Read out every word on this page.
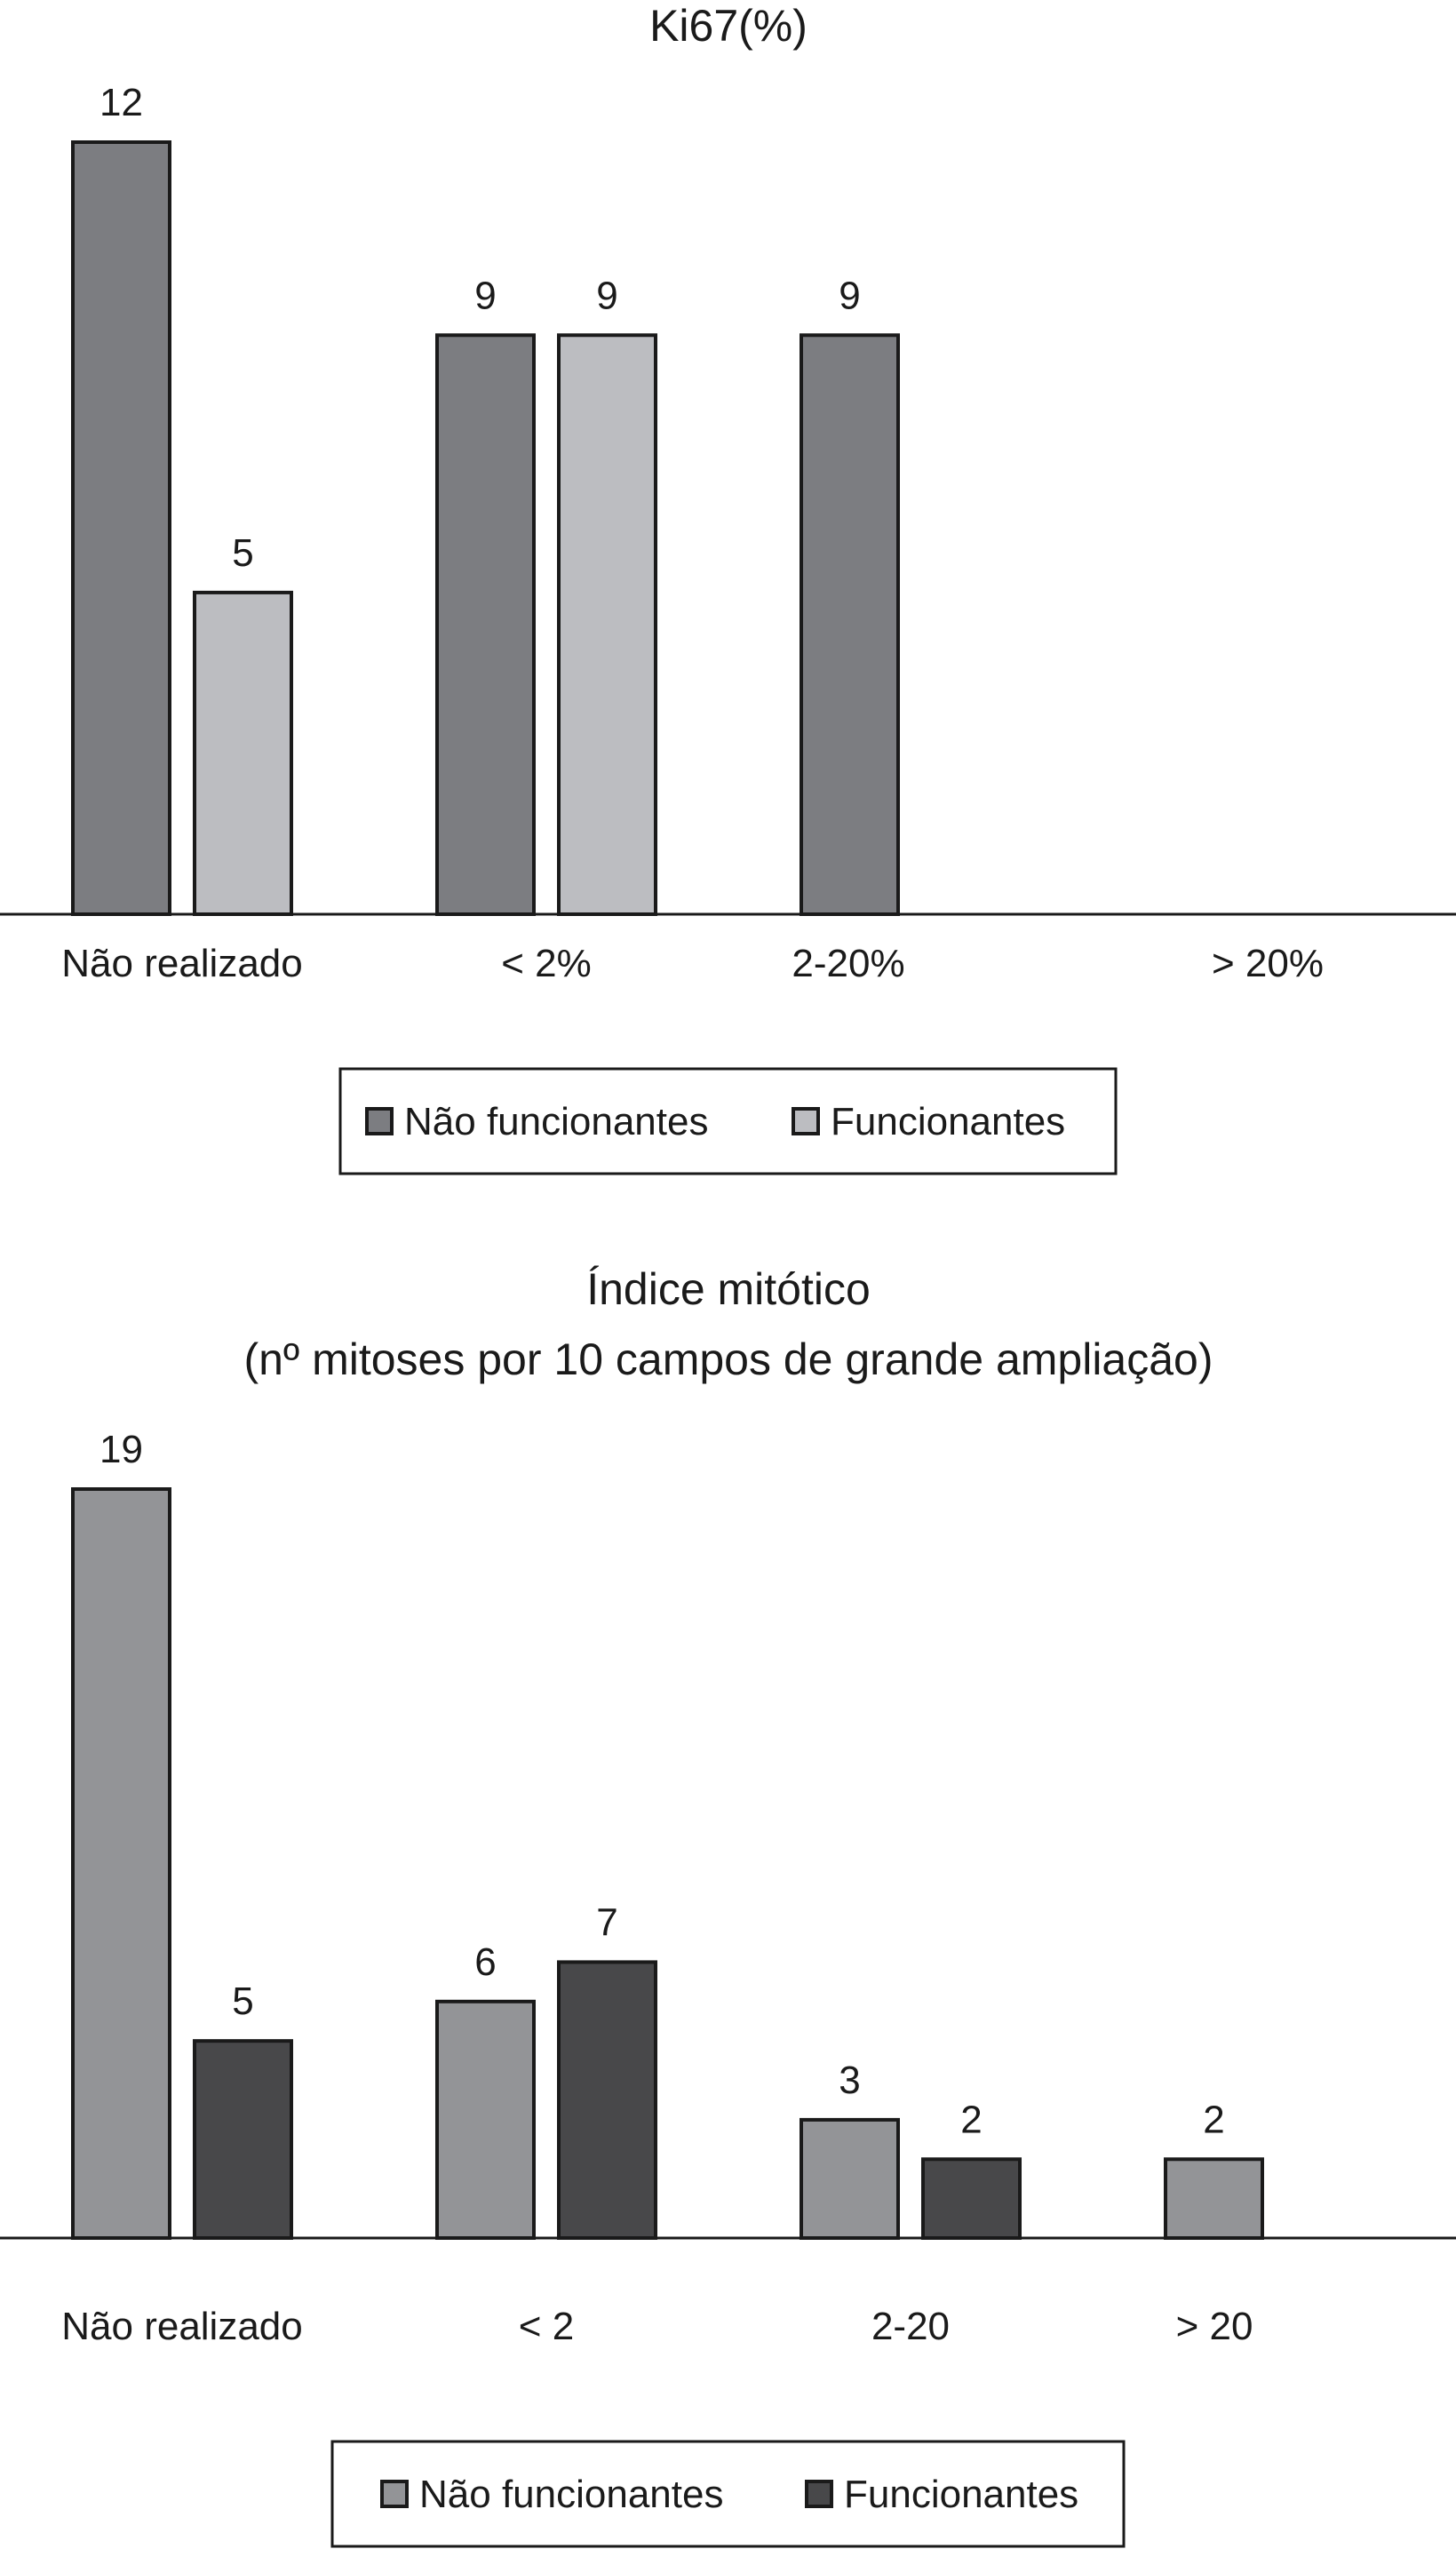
Ki67(%)
12
9	9
5
9
Não realizado	< 2%	2-20%	> 20%
Não funcionantes	Funcionantes
Índice mitótico
(nº mitoses por 10 campos de grande ampliação)
19
6
3
2
5
7
2
Não realizado	< 2	2-20	> 20
Não funcionantes	Funcionantes
